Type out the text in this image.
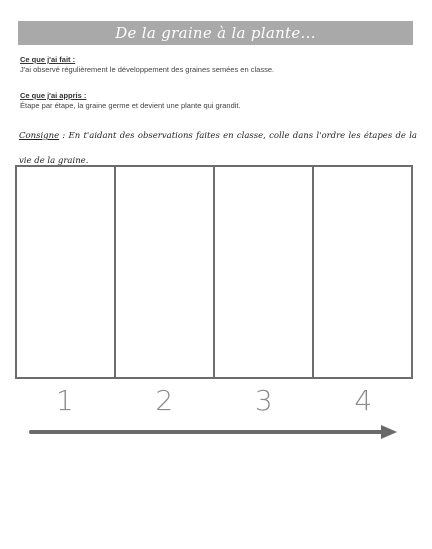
De la graine à la plante...
Ce que j'ai fait :
J'ai observé régulièrement le développement des graines semées en classe.
Ce que j'ai appris :
Étape par étape, la graine germe et devient une plante qui grandit.
Consigne : En t'aidant des observations faites en classe, colle dans l'ordre les étapes de la vie de la graine.
1	2	3	4
